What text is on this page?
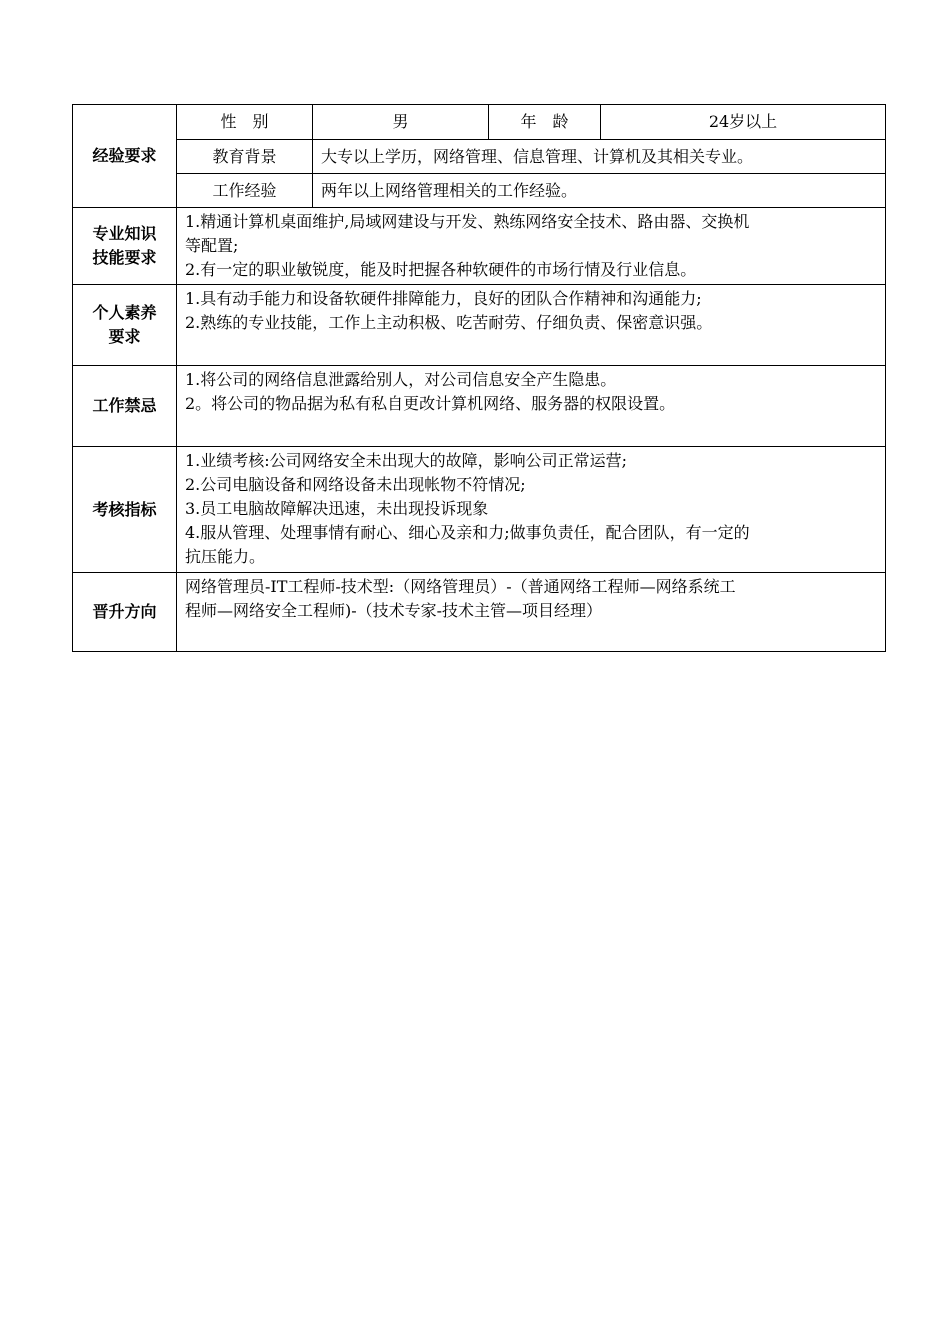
经验要求	性　别	男	年　龄	24岁以上
	教育背景	大专以上学历，网络管理、信息管理、计算机及其相关专业。		
	工作经验	两年以上网络管理相关的工作经验。		

专业知识
技能要求	1.精通计算机桌面维护,局域网建设与开发、熟练网络安全技术、路由器、交换机
等配置;
2.有一定的职业敏锐度，能及时把握各种软硬件的市场行情及行业信息。			

个人素养
要求	1.具有动手能力和设备软硬件排障能力，良好的团队合作精神和沟通能力;
2.熟练的专业技能，工作上主动积极、吃苦耐劳、仔细负责、保密意识强。			

工作禁忌	1.将公司的网络信息泄露给别人，对公司信息安全产生隐患。
2。将公司的物品据为私有私自更改计算机网络、服务器的权限设置。			

考核指标	1.业绩考核:公司网络安全未出现大的故障，影响公司正常运营;
2.公司电脑设备和网络设备未出现帐物不符情况;
3.员工电脑故障解决迅速，未出现投诉现象
4.服从管理、处理事情有耐心、细心及亲和力;做事负责任，配合团队，有一定的
抗压能力。			

晋升方向	网络管理员-IT工程师-技术型:（网络管理员）-（普通网络工程师—网络系统工
程师—网络安全工程师)-（技术专家-技术主管—项目经理）			
